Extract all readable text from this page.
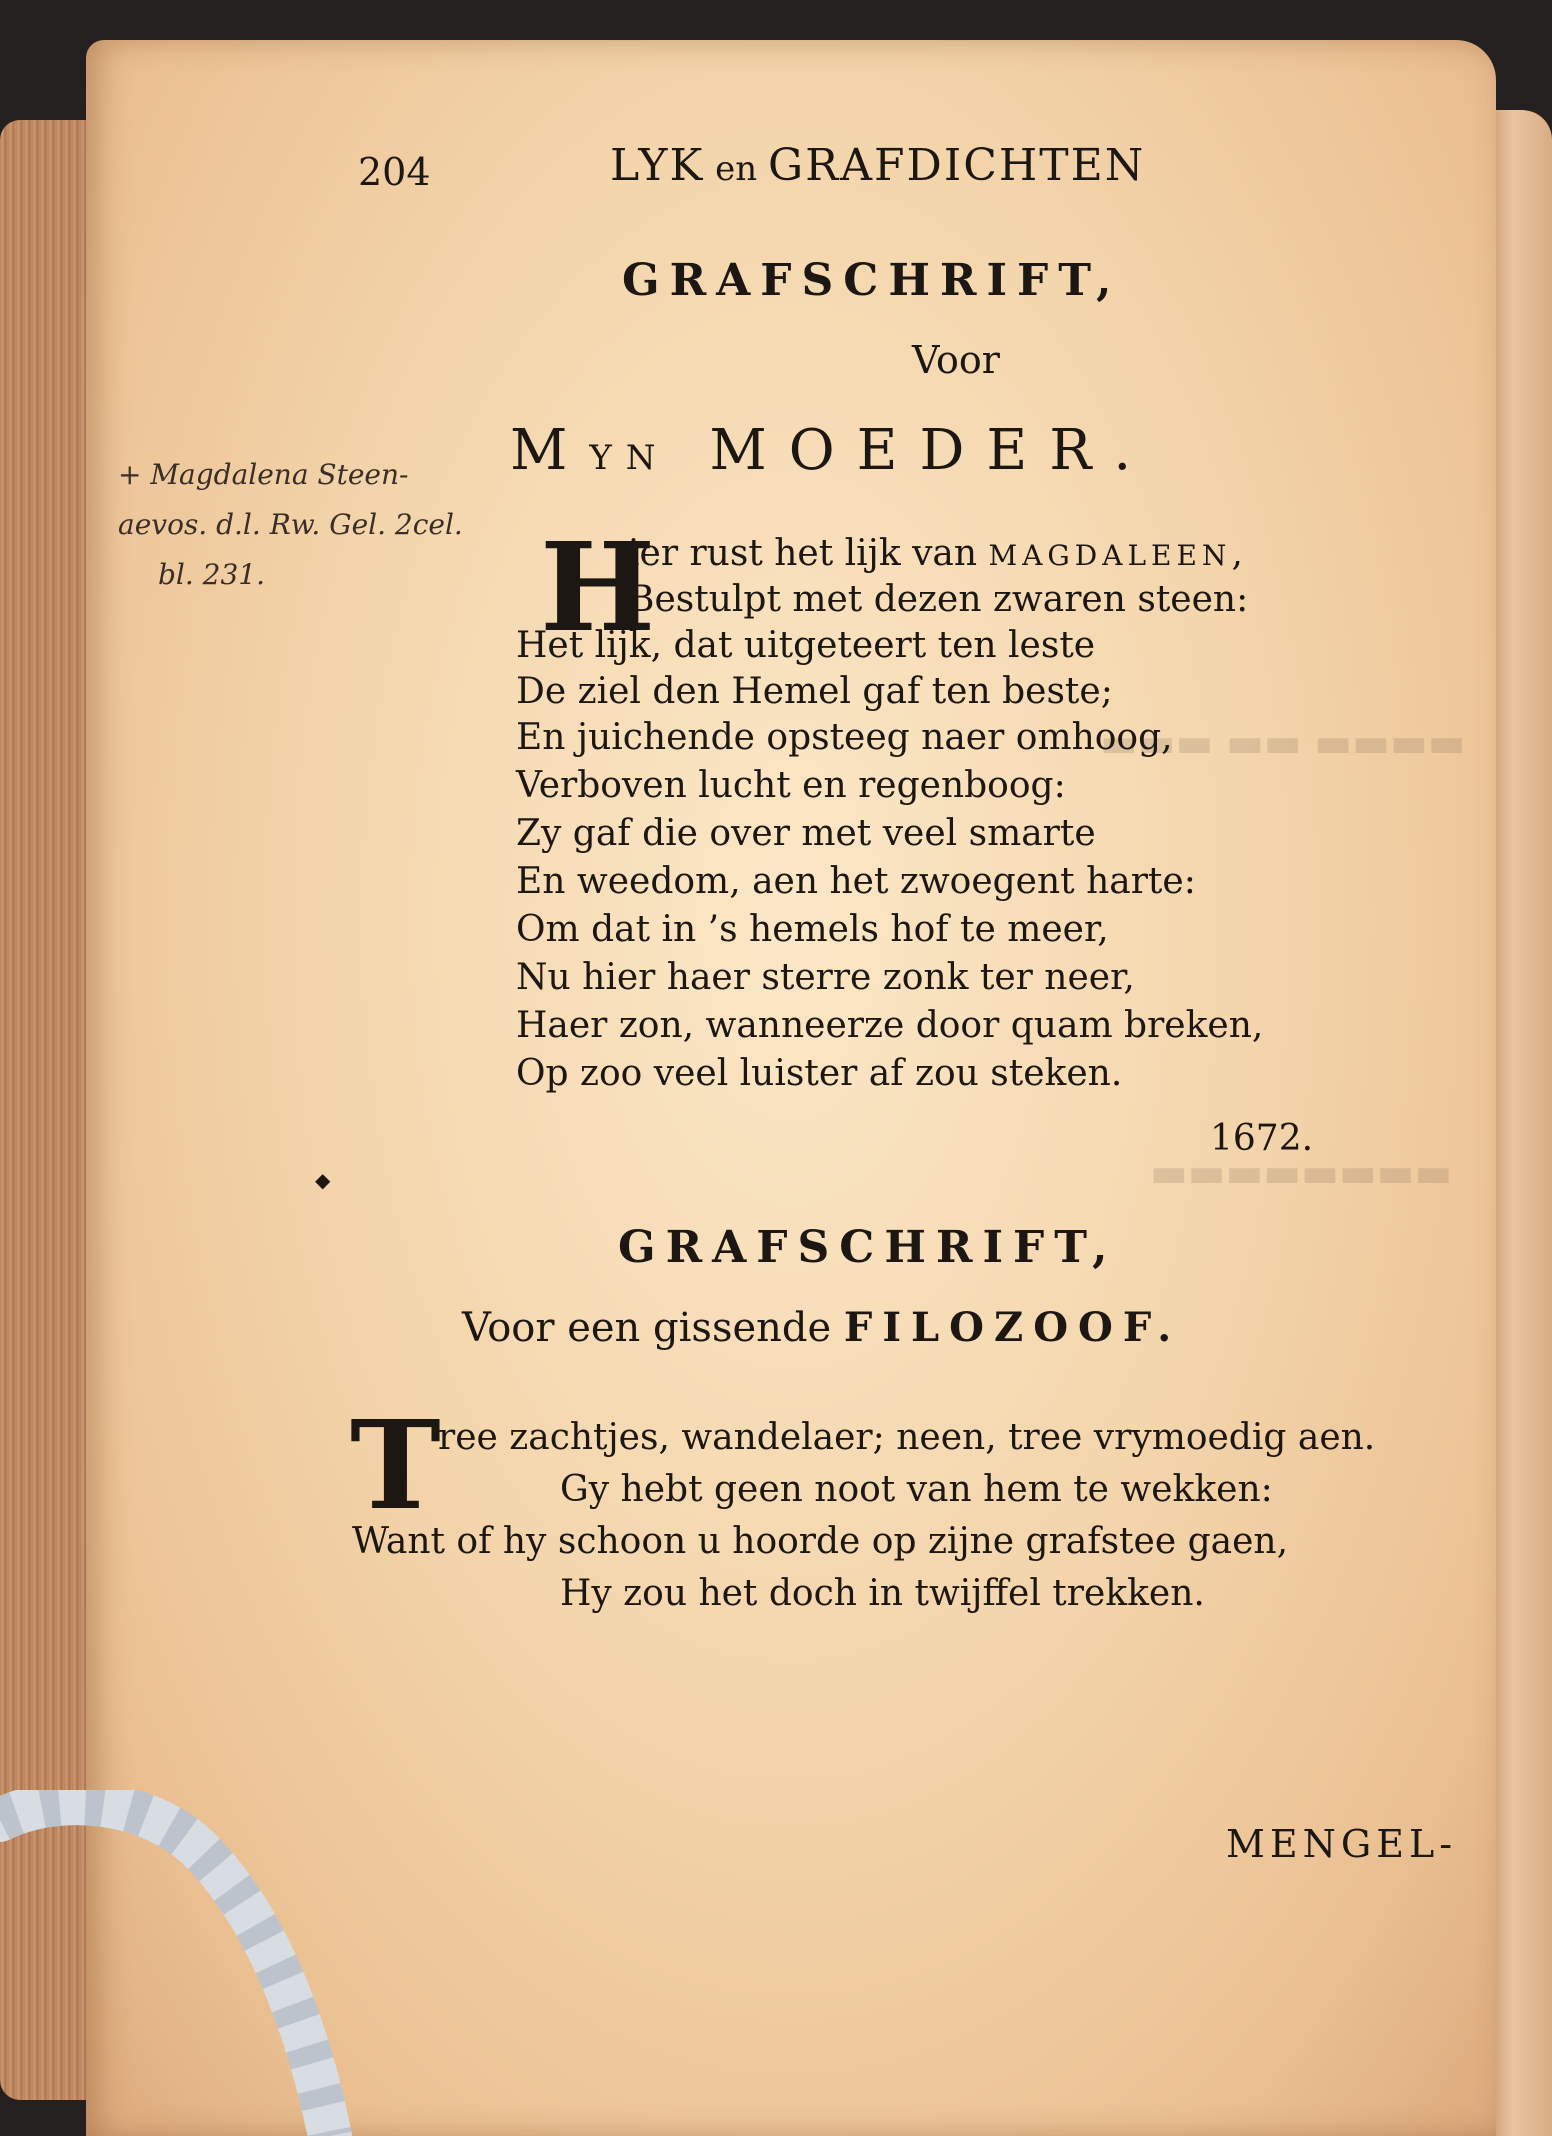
▬▬▬ ▬▬ ▬▬▬▬
▬▬▬▬▬▬▬▬
204	LYK en GRAFDICHTEN
GRAFSCHRIFT,
Voor
MYN MOEDER.
+ Magdalena Steen-
aevos. d.l. Rw. Gel. 2cel.
bl. 231.	H
ier rust het lijk van MAGDALEEN,
Bestulpt met dezen zwaren steen:
Het lijk, dat uitgeteert ten leste
De ziel den Hemel gaf ten beste;
En juichende opsteeg naer omhoog,
Verboven lucht en regenboog:
Zy gaf die over met veel smarte
En weedom, aen het zwoegent harte:
Om dat in ’s hemels hof te meer,
Nu hier haer sterre zonk ter neer,
Haer zon, wanneerze door quam breken,
Op zoo veel luister af zou steken.
1672.
◆
GRAFSCHRIFT,
Voor een gissende FILOZOOF.
T
ree zachtjes, wandelaer; neen, tree vrymoedig aen.
Gy hebt geen noot van hem te wekken:
Want of hy schoon u hoorde op zijne grafstee gaen,
Hy zou het doch in twijffel trekken.
MENGEL-
